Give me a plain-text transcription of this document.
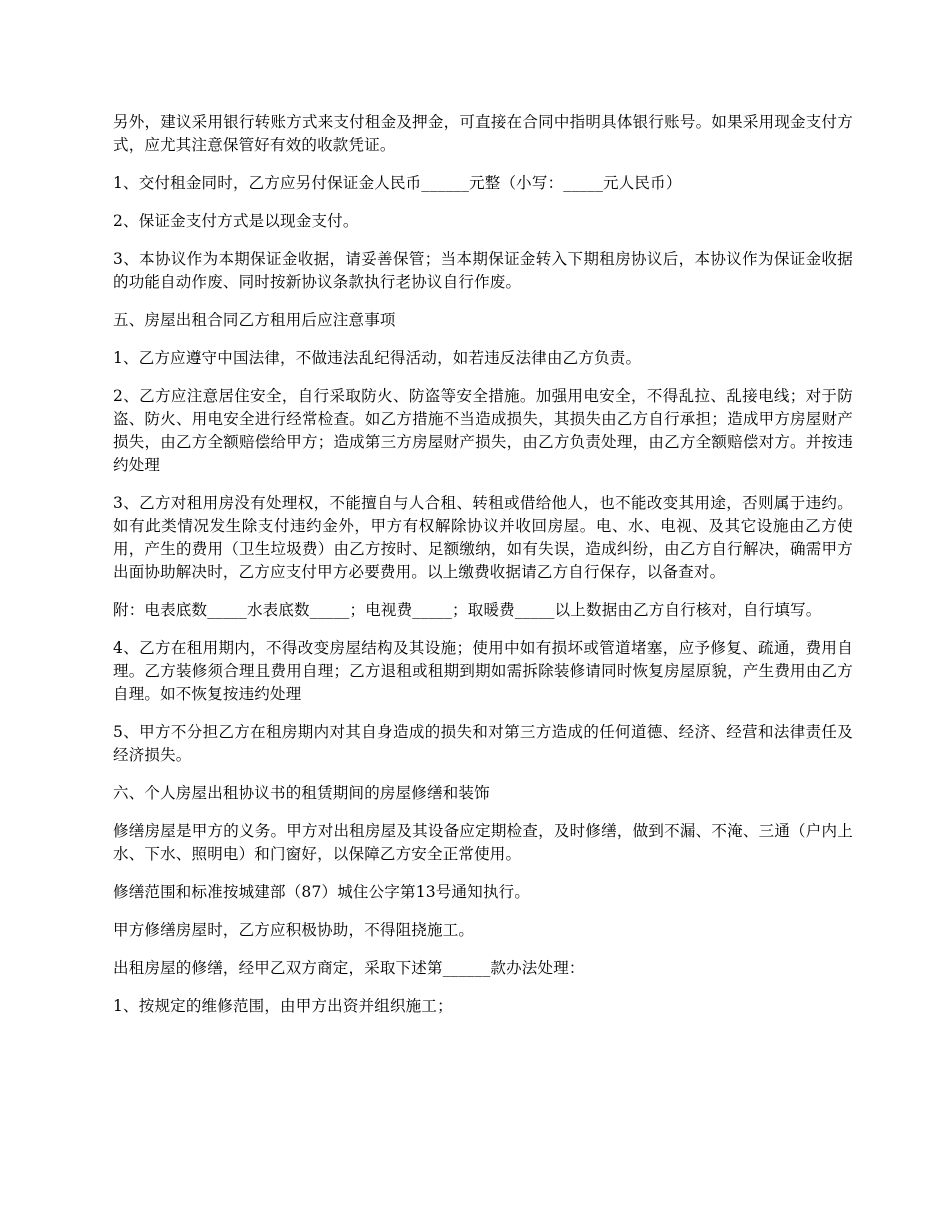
另外，建议采用银行转账方式来支付租金及押金，可直接在合同中指明具体银行账号。如果采用现金支付方式，应尤其注意保管好有效的收款凭证。

1、交付租金同时，乙方应另付保证金人民币______元整（小写：_____元人民币）

2、保证金支付方式是以现金支付。

3、本协议作为本期保证金收据，请妥善保管；当本期保证金转入下期租房协议后，本协议作为保证金收据的功能自动作废、同时按新协议条款执行老协议自行作废。

五、房屋出租合同乙方租用后应注意事项

1、乙方应遵守中国法律，不做违法乱纪得活动，如若违反法律由乙方负责。

2、乙方应注意居住安全，自行采取防火、防盗等安全措施。加强用电安全，不得乱拉、乱接电线；对于防盗、防火、用电安全进行经常检查。如乙方措施不当造成损失，其损失由乙方自行承担；造成甲方房屋财产损失，由乙方全额赔偿给甲方；造成第三方房屋财产损失，由乙方负责处理，由乙方全额赔偿对方。并按违约处理

3、乙方对租用房没有处理权，不能擅自与人合租、转租或借给他人，也不能改变其用途，否则属于违约。如有此类情况发生除支付违约金外，甲方有权解除协议并收回房屋。电、水、电视、及其它设施由乙方使用，产生的费用（卫生垃圾费）由乙方按时、足额缴纳，如有失误，造成纠纷，由乙方自行解决，确需甲方出面协助解决时，乙方应支付甲方必要费用。以上缴费收据请乙方自行保存，以备查对。

附：电表底数_____水表底数_____；电视费_____；取暖费_____以上数据由乙方自行核对，自行填写。

4、乙方在租用期内，不得改变房屋结构及其设施；使用中如有损坏或管道堵塞，应予修复、疏通，费用自理。乙方装修须合理且费用自理；乙方退租或租期到期如需拆除装修请同时恢复房屋原貌，产生费用由乙方自理。如不恢复按违约处理

5、甲方不分担乙方在租房期内对其自身造成的损失和对第三方造成的任何道德、经济、经营和法律责任及经济损失。

六、个人房屋出租协议书的租赁期间的房屋修缮和装饰

修缮房屋是甲方的义务。甲方对出租房屋及其设备应定期检查，及时修缮，做到不漏、不淹、三通（户内上水、下水、照明电）和门窗好，以保障乙方安全正常使用。

修缮范围和标准按城建部（87）城住公字第13号通知执行。

甲方修缮房屋时，乙方应积极协助，不得阻挠施工。

出租房屋的修缮，经甲乙双方商定，采取下述第______款办法处理：

1、按规定的维修范围，由甲方出资并组织施工；
